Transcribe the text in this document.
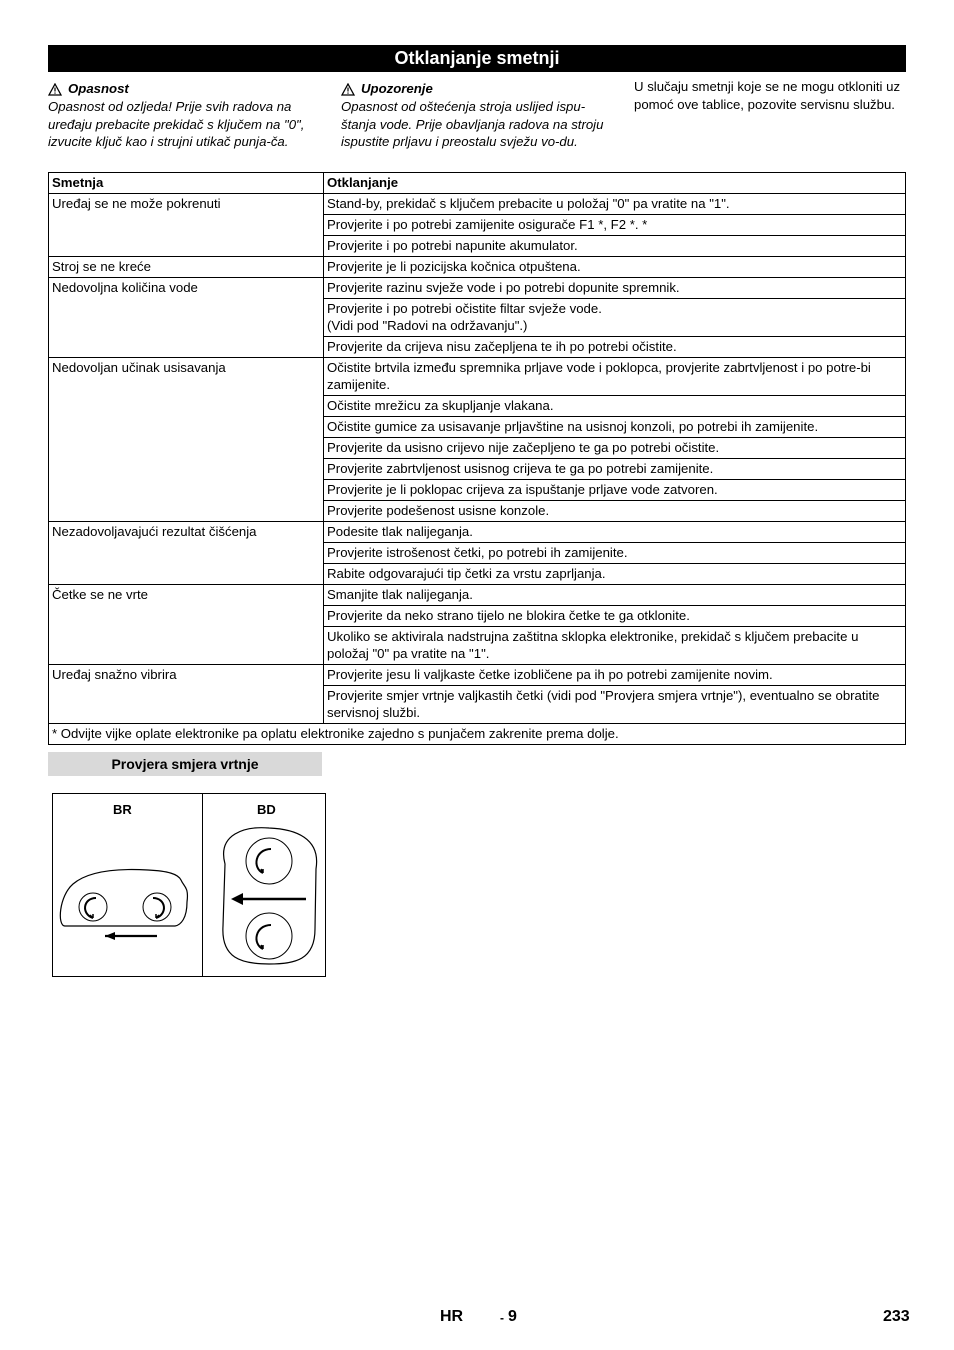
Otklanjanje smetnji
Opasnost
Opasnost od ozljeda! Prije svih radova na uređaju prebacite prekidač s ključem na "0", izvucite ključ kao i strujni utikač punja-ča.
Upozorenje
Opasnost od oštećenja stroja uslijed ispu-štanja vode. Prije obavljanja radova na stroju ispustite prljavu i preostalu svježu vo-du.
U slučaju smetnji koje se ne mogu otkloniti uz pomoć ove tablice, pozovite servisnu službu.
Smetnja	Otklanjanje
Uređaj se ne može pokrenuti	Stand-by, prekidač s ključem prebacite u položaj "0" pa vratite na "1".
	Provjerite i po potrebi zamijenite osigurače F1 *, F2 *. *
	Provjerite i po potrebi napunite akumulator.
Stroj se ne kreće	Provjerite je li pozicijska kočnica otpuštena.
Nedovoljna količina vode	Provjerite razinu svježe vode i po potrebi dopunite spremnik.
	Provjerite i po potrebi očistite filtar svježe vode.
(Vidi pod "Radovi na održavanju".)
	Provjerite da crijeva nisu začepljena te ih po potrebi očistite.
Nedovoljan učinak usisavanja	Očistite brtvila između spremnika prljave vode i poklopca, provjerite zabrtvljenost i po potre-bi zamijenite.
	Očistite mrežicu za skupljanje vlakana.
	Očistite gumice za usisavanje prljavštine na usisnoj konzoli, po potrebi ih zamijenite.
	Provjerite da usisno crijevo nije začepljeno te ga po potrebi očistite.
	Provjerite zabrtvljenost usisnog crijeva te ga po potrebi zamijenite.
	Provjerite je li poklopac crijeva za ispuštanje prljave vode zatvoren.
	Provjerite podešenost usisne konzole.
Nezadovoljavajući rezultat čišćenja	Podesite tlak nalijeganja.
	Provjerite istrošenost četki, po potrebi ih zamijenite.
	Rabite odgovarajući tip četki za vrstu zaprljanja.
Četke se ne vrte	Smanjite tlak nalijeganja.
	Provjerite da neko strano tijelo ne blokira četke te ga otklonite.
	Ukoliko se aktivirala nadstrujna zaštitna sklopka elektronike, prekidač s ključem prebacite u položaj "0" pa vratite na "1".
Uređaj snažno vibrira	Provjerite jesu li valjkaste četke izobličene pa ih po potrebi zamijenite novim.
	Provjerite smjer vrtnje valjkastih četki (vidi pod "Provjera smjera vrtnje"), eventualno se obratite servisnoj službi.
* Odvijte vijke oplate elektronike pa oplatu elektronike zajedno s punjačem zakrenite prema dolje.	
Provjera smjera vrtnje
BR	BD
HR	- 9	233
